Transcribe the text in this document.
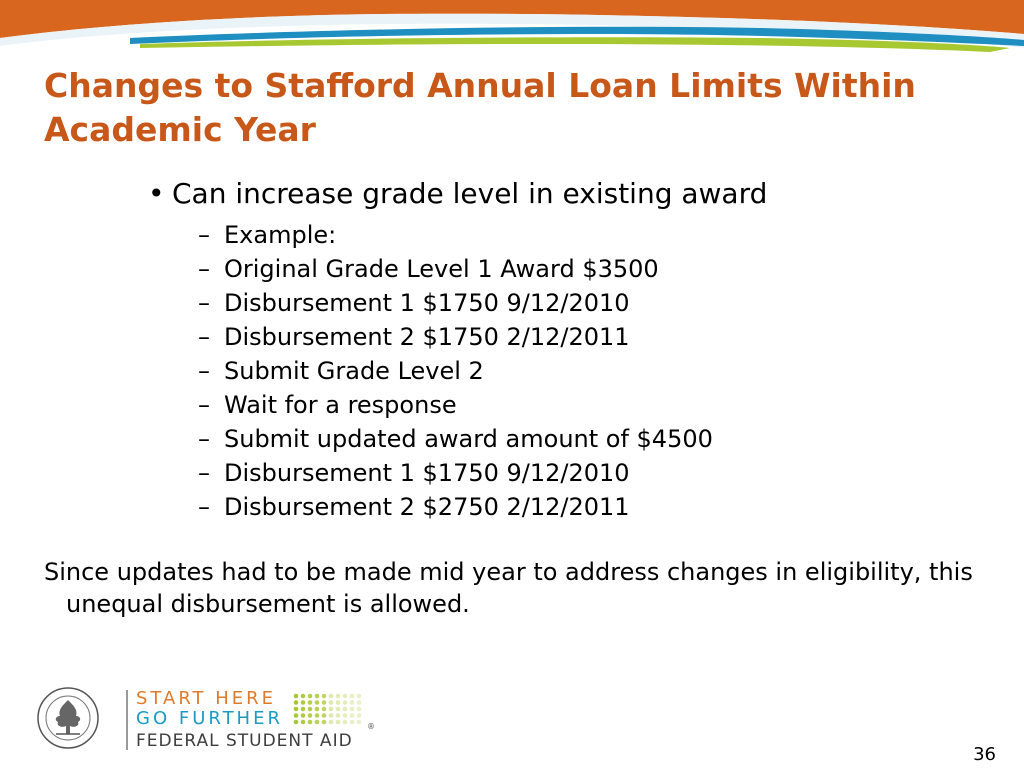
Changes to Stafford Annual Loan Limits Within Academic Year
• Can increase grade level in existing award
– Example:
– Original Grade Level 1 Award $3500
– Disbursement 1 $1750 9/12/2010
– Disbursement 2 $1750 2/12/2011
– Submit Grade Level 2
– Wait for a response
– Submit updated award amount of $4500
– Disbursement 1 $1750 9/12/2010
– Disbursement 2 $2750 2/12/2011

Since updates had to be made mid year to address changes in eligibility, this unequal disbursement is allowed.

START HERE
GO FURTHER
FEDERAL STUDENT AID
®
36
